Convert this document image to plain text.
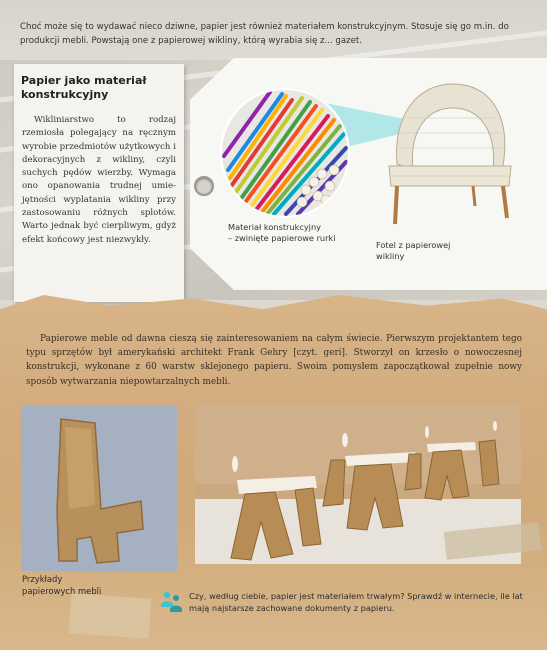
Choć może się to wydawać nieco dziwne, papier jest również materiałem konstrukcyjnym. Stosuje się go m.in. do produkcji mebli. Powstają one z papierowej wikliny, którą wyrabia się z... gazet.
Papier jako materiał konstrukcyjny

Wikliniarstwo to rodzaj rzemiosła polegający na ręcznym wyrobie przedmiotów użytkowych i dekoracyjnych z wikliny, czyli suchych pędów wierzby. Wymaga ono opanowania trudnej umiejętności wyplatania wikliny przy zastosowaniu różnych splotów. Warto jednak być cierpliwym, gdyż efekt końcowy jest niezwykły.

Materiał konstrukcyjny
– zwinięte papierowe rurki
Fotel z papierowej
wikliny
Papierowe meble od dawna cieszą się zainteresowaniem na całym świecie. Pierwszym projektantem tego typu sprzętów był amerykański architekt Frank Gehry [czyt. geri]. Stworzył on krzesło o nowoczesnej konstrukcji, wykonane z 60 warstw sklejonego papieru. Swoim pomysłem zapoczątkował zupełnie nowy sposób wytwarzania niepowtarzalnych mebli.
Przykłady
papierowych mebli	Czy, według ciebie, papier jest materiałem trwałym? Sprawdź w internecie, ile lat mają najstarsze zachowane dokumenty z papieru.
